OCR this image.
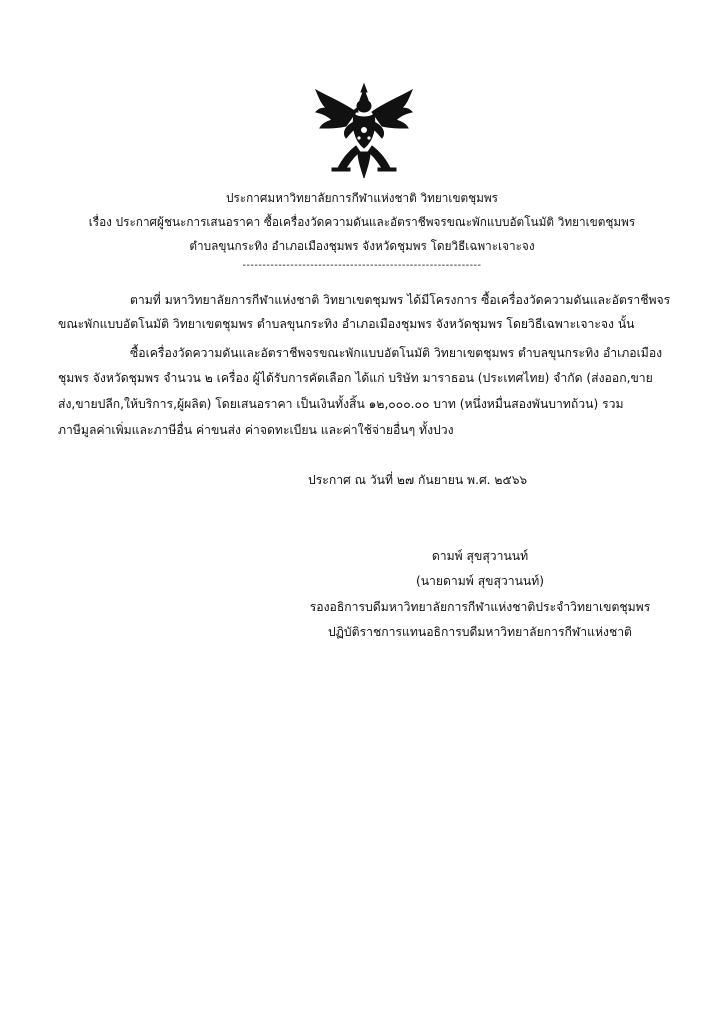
ประกาศมหาวิทยาลัยการกีฬาแห่งชาติ วิทยาเขตชุมพร
เรื่อง ประกาศผู้ชนะการเสนอราคา ซื้อเครื่องวัดความดันและอัตราชีพจรขณะพักแบบอัตโนมัติ วิทยาเขตชุมพร
ตำบลขุนกระทิง อำเภอเมืองชุมพร จังหวัดชุมพร โดยวิธีเฉพาะเจาะจง
------------------------------------------------------------
ตามที่ มหาวิทยาลัยการกีฬาแห่งชาติ วิทยาเขตชุมพร ได้มีโครงการ ซื้อเครื่องวัดความดันและอัตราชีพจร
ขณะพักแบบอัตโนมัติ วิทยาเขตชุมพร ตำบลขุนกระทิง อำเภอเมืองชุมพร จังหวัดชุมพร โดยวิธีเฉพาะเจาะจง นั้น
ซื้อเครื่องวัดความดันและอัตราชีพจรขณะพักแบบอัตโนมัติ วิทยาเขตชุมพร ตำบลขุนกระทิง อำเภอเมือง
ชุมพร จังหวัดชุมพร จำนวน ๒ เครื่อง ผู้ได้รับการคัดเลือก ได้แก่ บริษัท มาราธอน (ประเทศไทย) จำกัด (ส่งออก,ขาย
ส่ง,ขายปลีก,ให้บริการ,ผู้ผลิต) โดยเสนอราคา เป็นเงินทั้งสิ้น ๑๒,๐๐๐.๐๐ บาท (หนึ่งหมื่นสองพันบาทถ้วน) รวม
ภาษีมูลค่าเพิ่มและภาษีอื่น ค่าขนส่ง ค่าจดทะเบียน และค่าใช้จ่ายอื่นๆ ทั้งปวง
ประกาศ ณ วันที่ ๒๗ กันยายน พ.ศ. ๒๕๖๖
ดามพ์ สุขสุวานนท์
(นายดามพ์ สุขสุวานนท์)
รองอธิการบดีมหาวิทยาลัยการกีฬาแห่งชาติประจำวิทยาเขตชุมพร
ปฏิบัติราชการแทนอธิการบดีมหาวิทยาลัยการกีฬาแห่งชาติ
